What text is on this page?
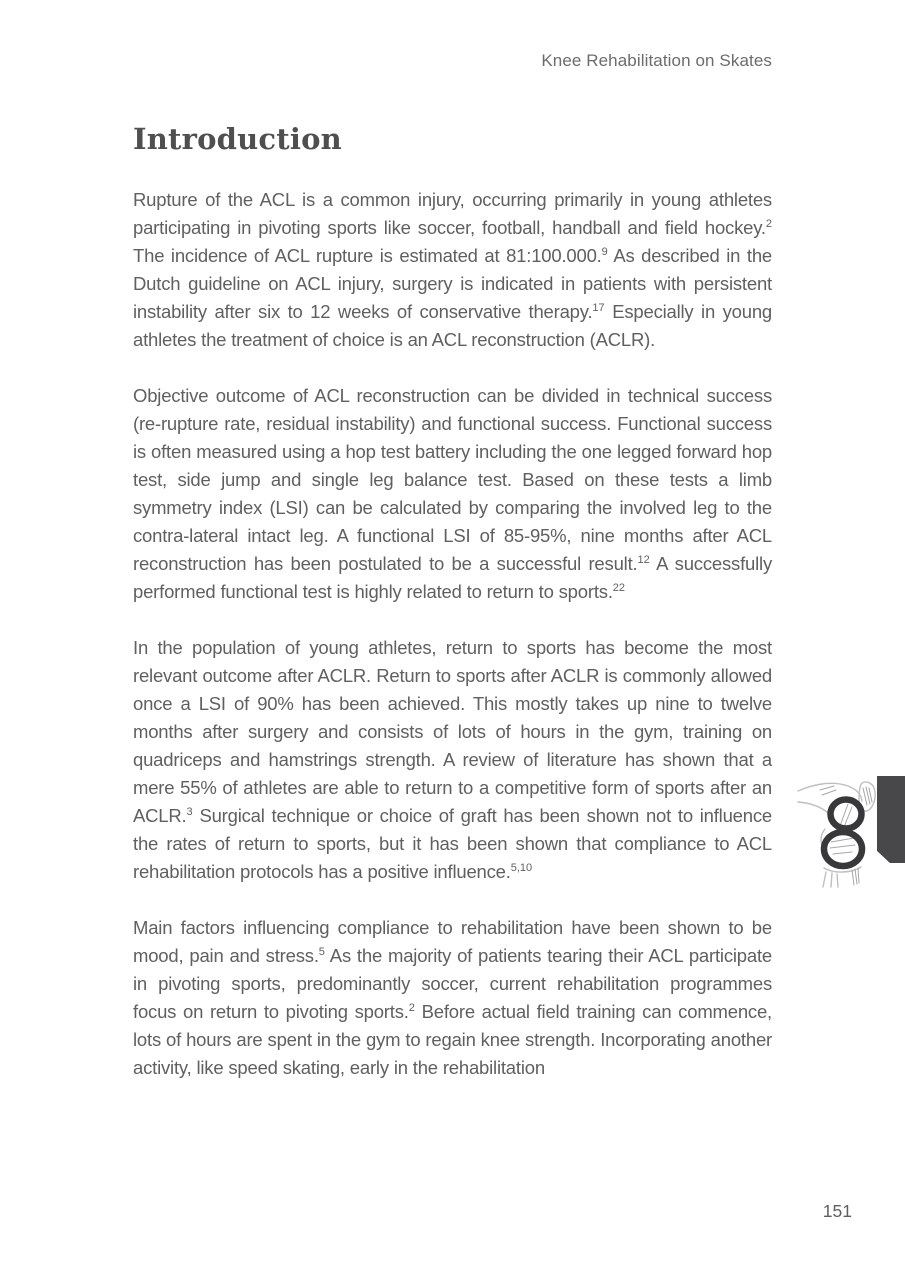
Knee Rehabilitation on Skates
Introduction

Rupture of the ACL is a common injury, occurring primarily in young athletes participating in pivoting sports like soccer, football, handball and field hockey.$^2$ The incidence of ACL rupture is estimated at 81:100.000.$^9$ As described in the Dutch guideline on ACL injury, surgery is indicated in patients with persistent instability after six to 12 weeks of conservative therapy.$^{17}$ Especially in young athletes the treatment of choice is an ACL reconstruction (ACLR).

Objective outcome of ACL reconstruction can be divided in technical success (re-rupture rate, residual instability) and functional success. Functional success is often measured using a hop test battery including the one legged forward hop test, side jump and single leg balance test. Based on these tests a limb symmetry index (LSI) can be calculated by comparing the involved leg to the contra-lateral intact leg. A functional LSI of 85-95%, nine months after ACL reconstruction has been postulated to be a successful result.$^{12}$ A successfully performed functional test is highly related to return to sports.$^{22}$

In the population of young athletes, return to sports has become the most relevant outcome after ACLR. Return to sports after ACLR is commonly allowed once a LSI of 90% has been achieved. This mostly takes up nine to twelve months after surgery and consists of lots of hours in the gym, training on quadriceps and hamstrings strength. A review of literature has shown that a mere 55% of athletes are able to return to a competitive form of sports after an ACLR.$^3$ Surgical technique or choice of graft has been shown not to influence the rates of return to sports, but it has been shown that compliance to ACL rehabilitation protocols has a positive influence.$^{5,10}$

Main factors influencing compliance to rehabilitation have been shown to be mood, pain and stress.$^5$ As the majority of patients tearing their ACL participate in pivoting sports, predominantly soccer, current rehabilitation programmes focus on return to pivoting sports.$^2$ Before actual field training can commence, lots of hours are spent in the gym to regain knee strength. Incorporating another activity, like speed skating, early in the rehabilitation

151
